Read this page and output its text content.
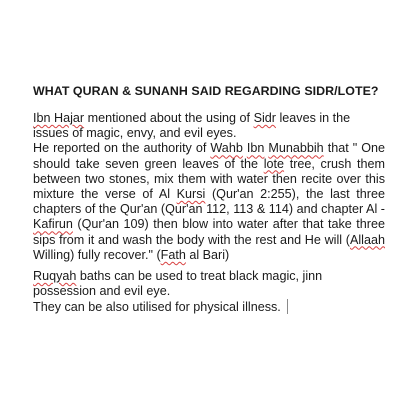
WHAT QURAN & SUNANH SAID REGARDING SIDR/LOTE?

Ibn Hajar mentioned about the using of Sidr leaves in the issues of magic, envy, and evil eyes.

He reported on the authority of Wahb Ibn Munabbih that " One should take seven green leaves of the lote tree, crush them between two stones, mix them with water then recite over this mixture the verse of Al Kursi (Qur'an 2:255), the last three chapters of the Qur'an (Qur'an 112, 113 & 114) and chapter Al - Kafirun (Qur'an 109) then blow into water after that take three sips from it and wash the body with the rest and He will (Allaah Willing) fully recover." (Fath al Bari)

Ruqyah baths can be used to treat black magic, jinn possession and evil eye.

They can be also utilised for physical illness.
